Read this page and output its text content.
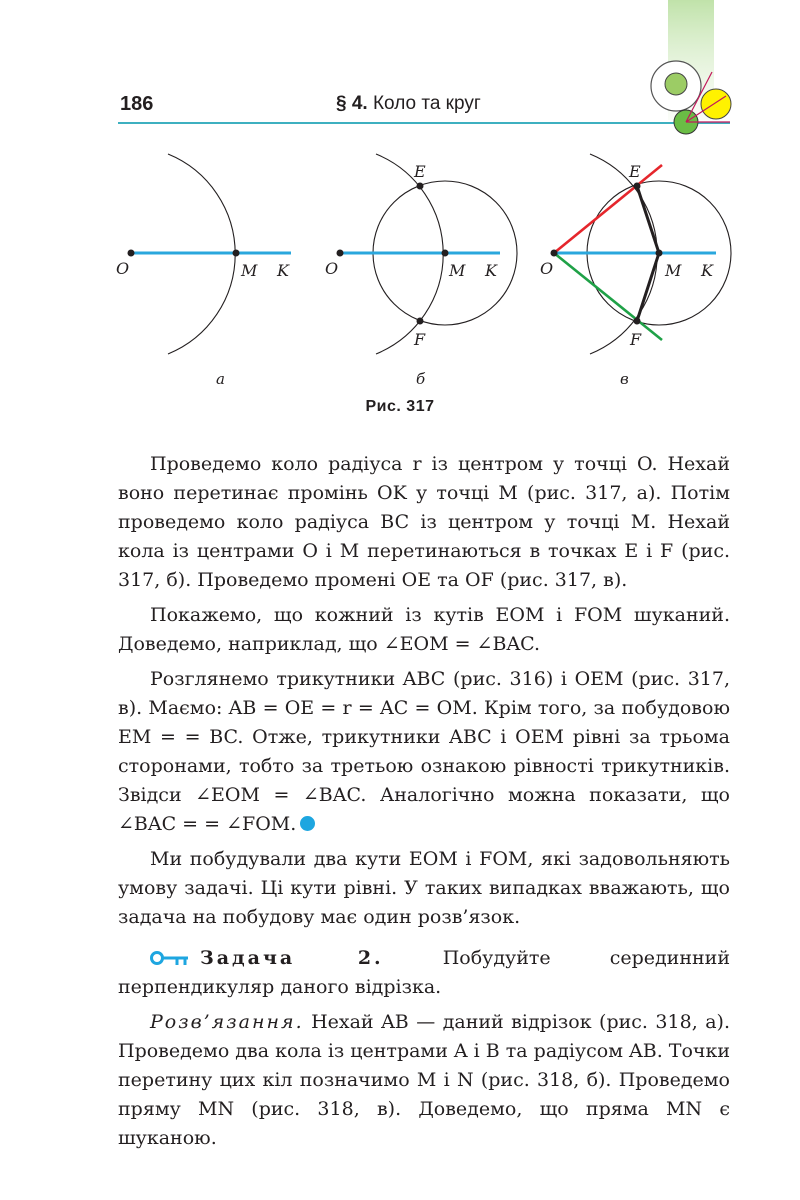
186	§ 4. Коло та круг
O	M K
а
O	M K
E
F
б
O	M K
E
F
в
Рис. 317

Проведемо коло радіуса r із центром у точці O. Нехай воно перетинає промінь OK у точці M (рис. 317, а). Потім проведемо коло радіуса BC із центром у точці M. Нехай кола із центрами O і M перетинаються в точках E і F (рис. 317, б). Проведемо промені OE та OF (рис. 317, в).

Покажемо, що кожний із кутів EOM і FOM шуканий. Доведемо, наприклад, що ∠EOM = ∠BAC.

Розглянемо трикутники ABC (рис. 316) і OEM (рис. 317, в). Маємо: AB = OE = r = AC = OM. Крім того, за побудовою EM = = BC. Отже, трикутники ABC і OEM рівні за трьома сторонами, тобто за третьою ознакою рівності трикутників. Звідси ∠EOM = ∠BAC. Аналогічно можна показати, що ∠BAC = = ∠FOM.

Ми побудували два кути EOM і FOM, які задовольняють умову задачі. Ці кути рівні. У таких випадках вважають, що задача на побудову має один розв’язок.

Задача 2. Побудуйте серединний перпендикуляр даного відрізка.

Розв’язання. Нехай AB — даний відрізок (рис. 318, а). Проведемо два кола із центрами A і B та радіусом AB. Точки перетину цих кіл позначимо M і N (рис. 318, б). Проведемо пряму MN (рис. 318, в). Доведемо, що пряма MN є шуканою.
